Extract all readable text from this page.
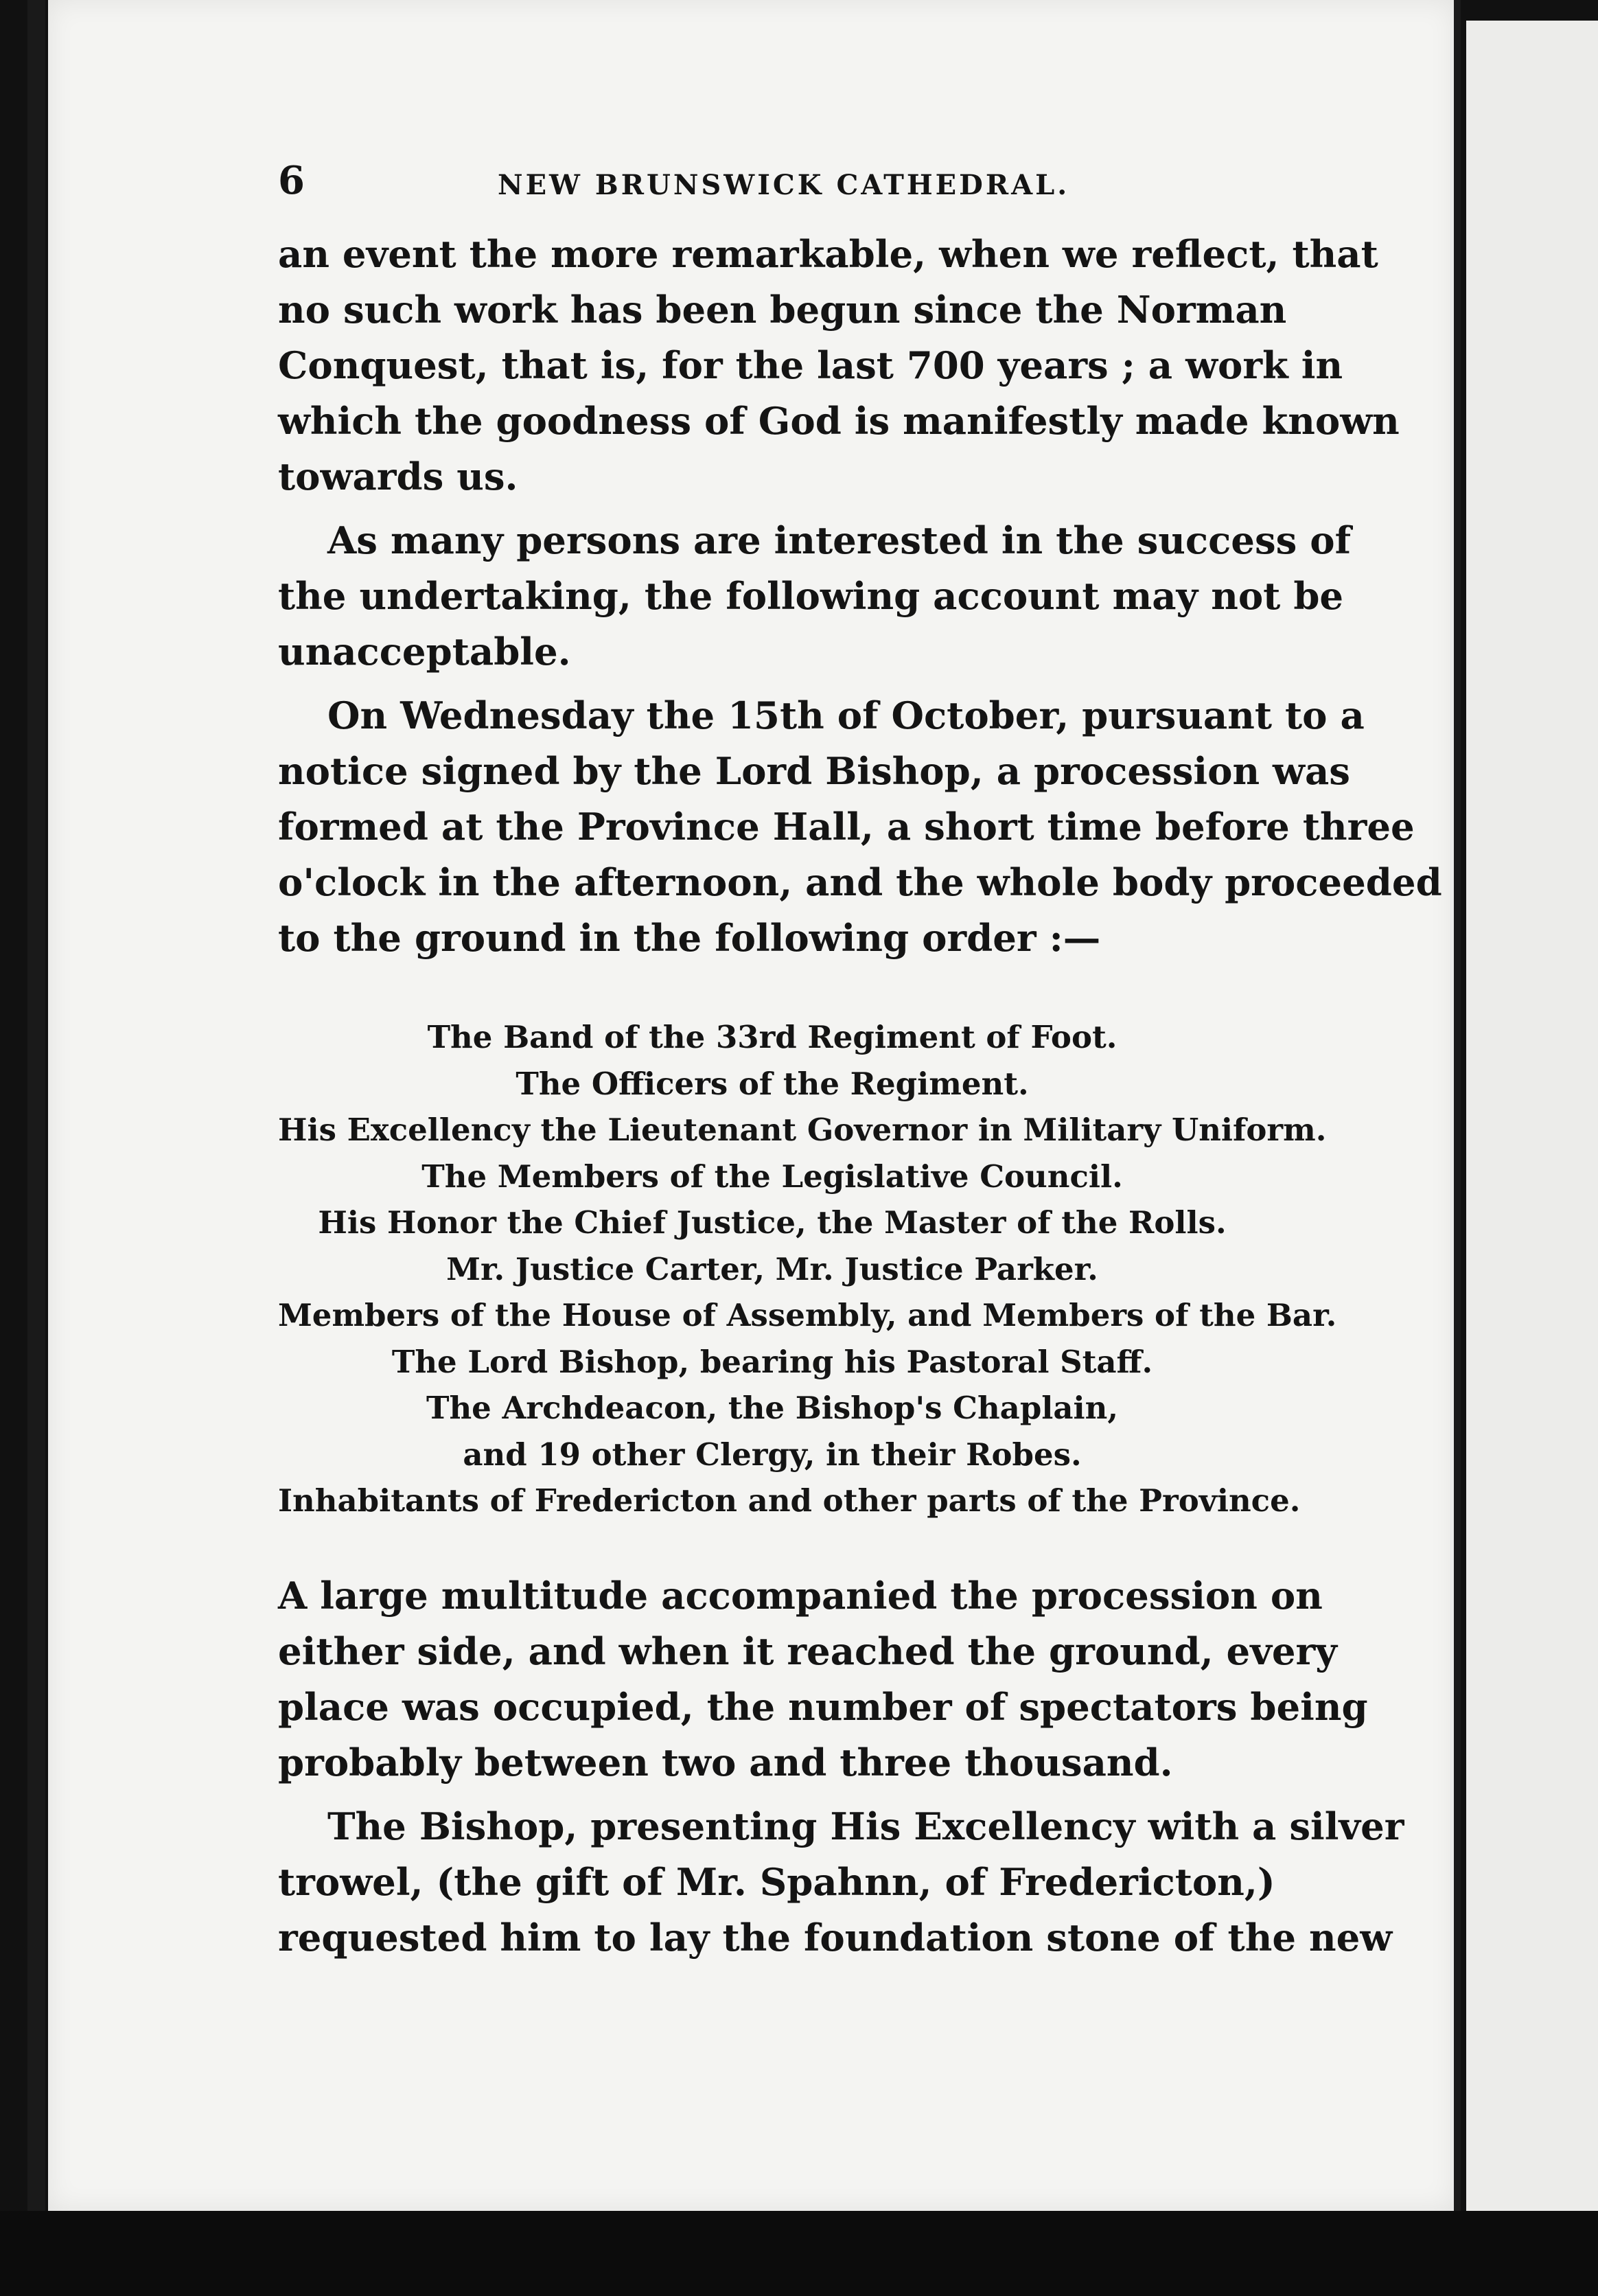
6	NEW BRUNSWICK CATHEDRAL.
an event the more remarkable, when we reflect, that
no such work has been begun since the Norman
Conquest, that is, for the last 700 years ; a work in
which the goodness of God is manifestly made known
towards us.
As many persons are interested in the success of
the undertaking, the following account may not be
unacceptable.
On Wednesday the 15th of October, pursuant to a
notice signed by the Lord Bishop, a procession was
formed at the Province Hall, a short time before three
o'clock in the afternoon, and the whole body proceeded
to the ground in the following order :—
The Band of the 33rd Regiment of Foot.
The Officers of the Regiment.
His Excellency the Lieutenant Governor in Military Uniform.
The Members of the Legislative Council.
His Honor the Chief Justice, the Master of the Rolls.
Mr. Justice Carter, Mr. Justice Parker.
Members of the House of Assembly, and Members of the Bar.
The Lord Bishop, bearing his Pastoral Staff.
The Archdeacon, the Bishop's Chaplain,
and 19 other Clergy, in their Robes.
Inhabitants of Fredericton and other parts of the Province.
A large multitude accompanied the procession on
either side, and when it reached the ground, every
place was occupied, the number of spectators being
probably between two and three thousand.
The Bishop, presenting His Excellency with a silver
trowel, (the gift of Mr. Spahnn, of Fredericton,)
requested him to lay the foundation stone of the new
